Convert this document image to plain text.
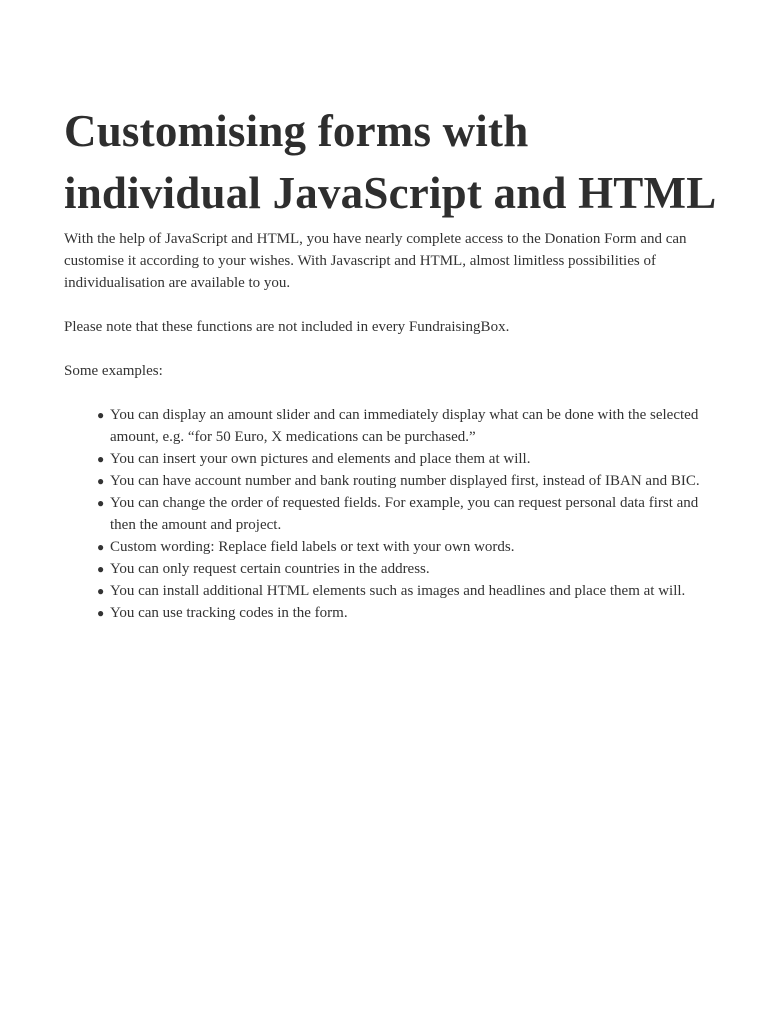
Customising forms with individual JavaScript and HTML

With the help of JavaScript and HTML, you have nearly complete access to the Donation Form and can customise it according to your wishes. With Javascript and HTML, almost limitless possibilities of individualisation are available to you.

Please note that these functions are not included in every FundraisingBox.

Some examples:

● You can display an amount slider and can immediately display what can be done with the selected amount, e.g. “for 50 Euro, X medications can be purchased.”
● You can insert your own pictures and elements and place them at will.
● You can have account number and bank routing number displayed first, instead of IBAN and BIC.
● You can change the order of requested fields. For example, you can request personal data first and then the amount and project.
● Custom wording: Replace field labels or text with your own words.
● You can only request certain countries in the address.
● You can install additional HTML elements such as images and headlines and place them at will.
● You can use tracking codes in the form.
